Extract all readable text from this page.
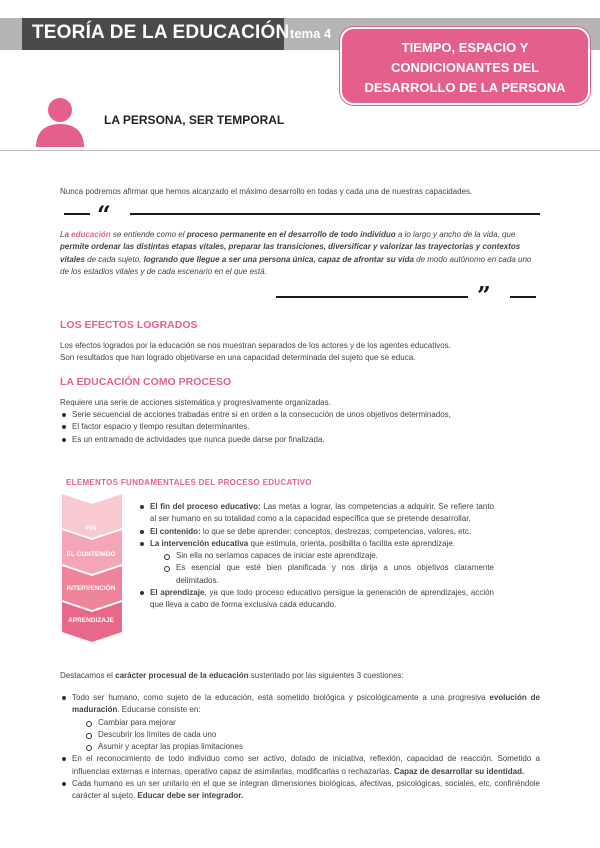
TEORÍA DE LA EDUCACIÓN tema 4
TIEMPO, ESPACIO Y
CONDICIONANTES DEL
DESARROLLO DE LA PERSONA
LA PERSONA, SER TEMPORAL
Nunca podremos afirmar que hemos alcanzado el máximo desarrollo en todas y cada una de nuestras capacidades.
“
La educación se entiende como el proceso permanente en el desarrollo de todo individuo a lo largo y ancho de la vida, que permite ordenar las distintas etapas vitales, preparar las transiciones, diversificar y valorizar las trayectorias y contextos vitales de cada sujeto, logrando que llegue a ser una persona única, capaz de afrontar su vida de modo autónomo en cada uno de los estadios vitales y de cada escenario en el que está.
”
LOS EFECTOS LOGRADOS
Los efectos logrados por la educación se nos muestran separados de los actores y de los agentes educativos.
Son resultados que han logrado objetivarse en una capacidad determinada del sujeto que se educa.
LA EDUCACIÓN COMO PROCESO
Requiere una serie de acciones sistemática y progresivamente organizadas.
Serie secuencial de acciones trabadas entre sí en orden a la consecución de unos objetivos determinados,
El factor espacio y tiempo resultan determinantes.
Es un entramado de actividades que nunca puede darse por finalizada.
ELEMENTOS FUNDAMENTALES DEL PROCESO EDUCATIVO
FIN
EL CONTENIDO
INTERVENCIÓN
APRENDIZAJE
El fin del proceso educativo: Las metas a lograr, las competencias a adquirir. Se refiere tanto al ser humano en su totalidad como a la capacidad específica que se pretende desarrollar.
El contenido: lo que se debe aprender: conceptos, destrezas, competencias, valores, etc.
La intervención educativa que estimula, orienta, posibilita o facilita este aprendizaje.
Sin ella no seríamos capaces de iniciar este aprendizaje.
Es esencial que esté bien planificada y nos dirija a unos objetivos claramente delimitados.
El aprendizaje, ya que todo proceso educativo persigue la generación de aprendizajes, acción que lleva a cabo de forma exclusiva cada educando.
Destacamos el carácter procesual de la educación sustentado por las siguientes 3 cuestiones:
Todo ser humano, como sujeto de la educación, está sometido biológica y psicológicamente a una progresiva evolución de maduración. Educarse consiste en:
Cambiar para mejorar
Descubrir los límites de cada uno
Asumir y aceptar las propias limitaciones
En el reconocimiento de todo individuo como ser activo, dotado de iniciativa, reflexión, capacidad de reacción. Sometido a influencias externas e internas, operativo capaz de asimilarlas, modificarlas o rechazarlas. Capaz de desarrollar su identidad.
Cada humano es un ser unitario en el que se integran dimensiones biológicas, afectivas, psicológicas, sociales, etc, confiriéndole carácter al sujeto. Educar debe ser integrador.
